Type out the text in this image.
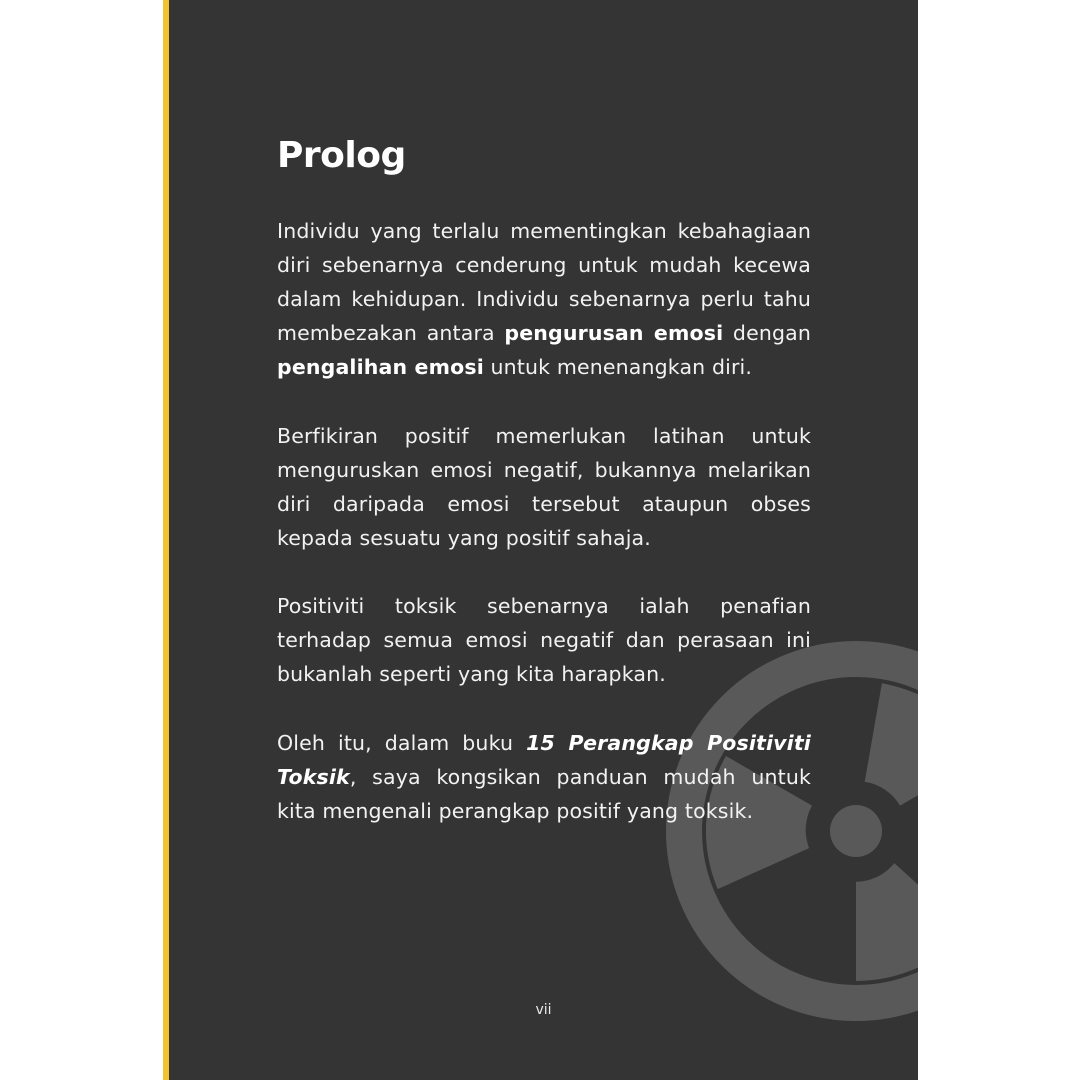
Prolog

Individu yang terlalu mementingkan kebahagiaan diri sebenarnya cenderung untuk mudah kecewa dalam kehidupan. Individu sebenarnya perlu tahu membezakan antara pengurusan emosi dengan pengalihan emosi untuk menenangkan diri.

Berfikiran positif memerlukan latihan untuk menguruskan emosi negatif, bukannya melarikan diri daripada emosi tersebut ataupun obses kepada sesuatu yang positif sahaja.

Positiviti toksik sebenarnya ialah penafian terhadap semua emosi negatif dan perasaan ini bukanlah seperti yang kita harapkan.

Oleh itu, dalam buku 15 Perangkap Positiviti Toksik, saya kongsikan panduan mudah untuk kita mengenali perangkap positif yang toksik.

vii
